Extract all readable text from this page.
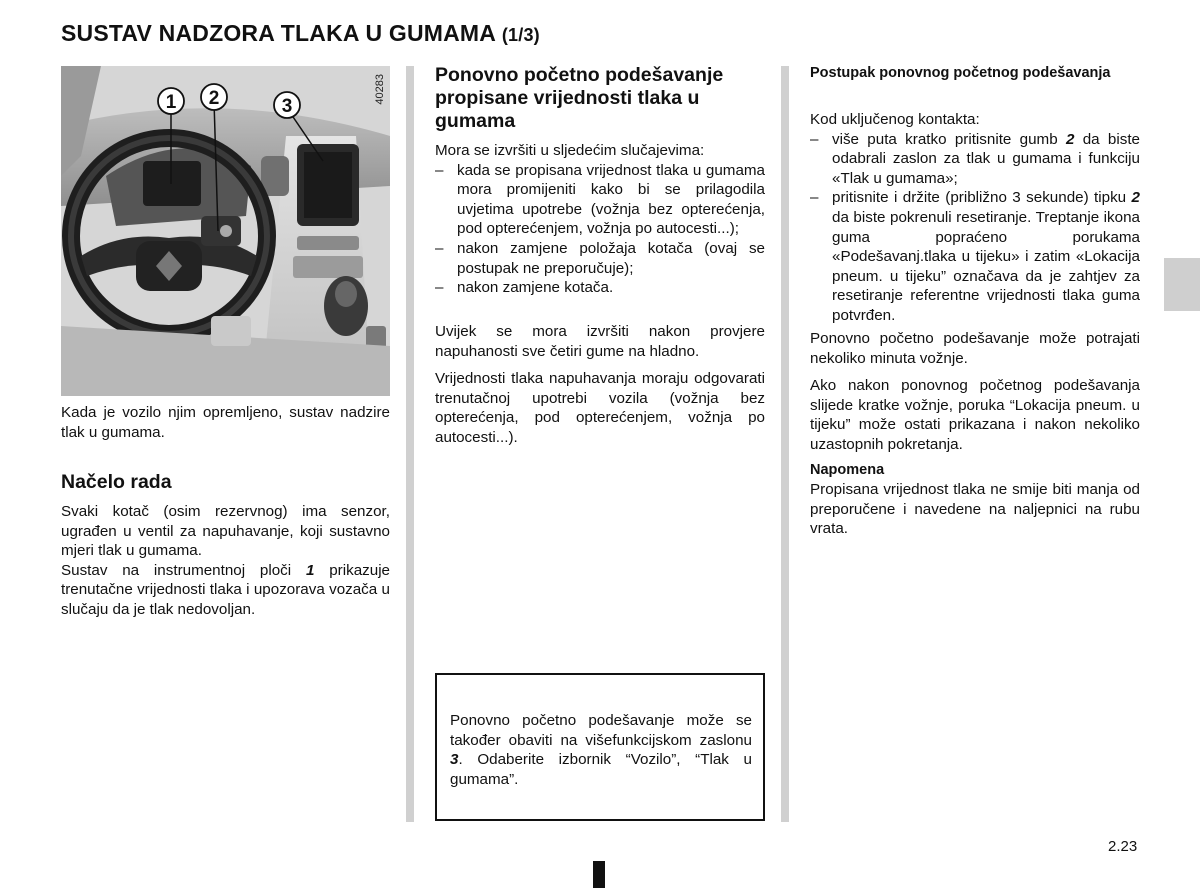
SUSTAV NADZORA TLAKA U GUMAMA (1/3)
1 2	3
40283
Kada je vozilo njim opremljeno, sustav nadzire tlak u gumama.
Načelo rada
Svaki kotač (osim rezervnog) ima senzor, ugrađen u ventil za napuhavanje, koji sustavno mjeri tlak u gumama.
Sustav na instrumentnoj ploči 1 prikazuje trenutačne vrijednosti tlaka i upozorava vozača u slučaju da je tlak nedovoljan.
Ponovno početno podešavanje propisane vrijednosti tlaka u gumama
Mora se izvršiti u sljedećim slučajevima:
– kada se propisana vrijednost tlaka u gumama mora promijeniti kako bi se prilagodila uvjetima upotrebe (vožnja bez opterećenja, pod opterećenjem, vožnja po autocesti...);
– nakon zamjene položaja kotača (ovaj se postupak ne preporučuje);
– nakon zamjene kotača.
Uvijek se mora izvršiti nakon provjere napuhanosti sve četiri gume na hladno.
Vrijednosti tlaka napuhavanja moraju odgovarati trenutačnoj upotrebi vozila (vožnja bez opterećenja, pod opterećenjem, vožnja po autocesti...).
Ponovno početno podešavanje može se također obaviti na višefunkcijskom zaslonu 3. Odaberite izbornik “Vozilo”, “Tlak u gumama”.
Postupak ponovnog početnog podešavanja
Kod uključenog kontakta:
– više puta kratko pritisnite gumb 2 da biste odabrali zaslon za tlak u gumama i funkciju «Tlak u gumama»;
– pritisnite i držite (približno 3 sekunde) tipku 2 da biste pokrenuli resetiranje. Treptanje ikona guma popraćeno porukama «Podešavanj.tlaka u tijeku» i zatim «Lokacija pneum. u tijeku” označava da je zahtjev za resetiranje referentne vrijednosti tlaka guma potvrđen.
Ponovno početno podešavanje može potrajati nekoliko minuta vožnje.
Ako nakon ponovnog početnog podešavanja slijede kratke vožnje, poruka “Lokacija pneum. u tijeku” može ostati prikazana i nakon nekoliko uzastopnih pokretanja.
Napomena
Propisana vrijednost tlaka ne smije biti manja od preporučene i navedene na naljepnici na rubu vrata.
2.23
